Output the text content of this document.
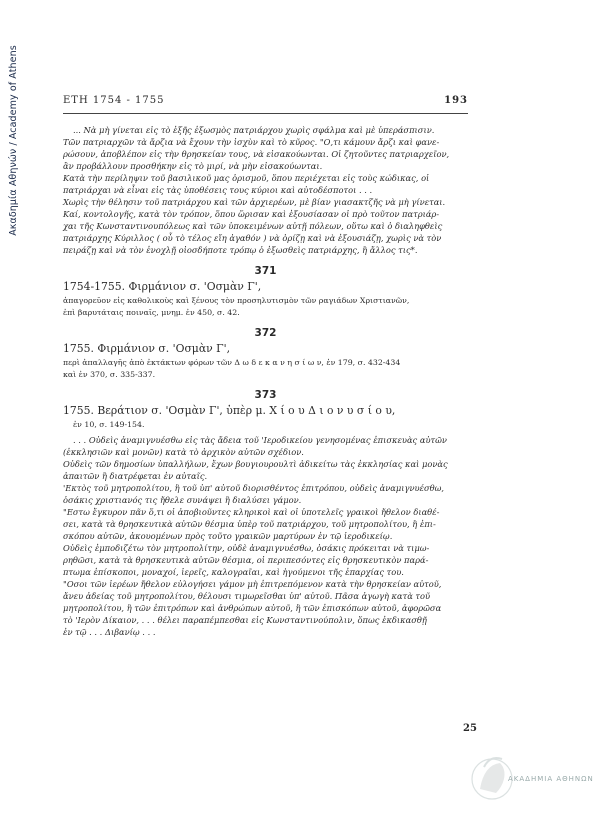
Ακαδημία Αθηνών / Academy of Athens	ΕΤΗ 1754 - 1755	193

... Νὰ μὴ γίνεται εἰς τὸ ἑξῆς ἐξωσμὸς πατριάρχου χωρὶς σφάλμα καὶ μὲ ὑπεράσπισιν.

Τῶν πατριαρχῶν τὰ ἄρζια νὰ ἔχουν τὴν ἰσχὺν καὶ τὸ κῦρος. "Ο,τι κάμουν ἄρζι καὶ φανε-

ρώσουν, ἀποβλέπον εἰς τὴν θρησκείαν τους, νὰ εἰσακούωνται. Οἱ ζητοῦντες πατριαρχεῖον,

ἂν προβάλλουν προσθήκην εἰς τὸ μιρί, νὰ μὴν εἰσακούωνται.

Κατὰ τὴν περίληψιν τοῦ βασιλικοῦ μας ὁρισμοῦ, ὅπου περιέχεται εἰς τοὺς κώδικας, οἱ

πατριάρχαι νὰ εἶναι εἰς τὰς ὑποθέσεις τους κύριοι καὶ αὐτοδέσποτοι . . .

Χωρὶς τὴν θέλησιν τοῦ πατριάρχου καὶ τῶν ἀρχιερέων, μὲ βίαν γιασακτζῆς νὰ μὴ γίνεται.

Καί, κοντολογῆς, κατὰ τὸν τρόπον, ὅπου ὥρισαν καὶ ἐξουσίασαν οἱ πρὸ τοῦτον πατριάρ-

χαι τῆς Κωνσταντινουπόλεως καὶ τῶν ὑποκειμένων αὐτῇ πόλεων, οὕτω καὶ ὁ διαληφθεὶς

πατριάρχης Κύριλλος ( οὗ τὸ τέλος εἴη ἀγαθόν ) νὰ ὁρίζῃ καὶ νὰ ἐξουσιάζῃ, χωρὶς νὰ τὸν

πειράζῃ καὶ νὰ τὸν ἐνοχλῇ οἱοσδήποτε τρόπῳ ὁ ἐξωσθεὶς πατριάρχης, ἢ ἄλλος τις*.

371
1754-1755. Φιρμάνιον σ. 'Οσμὰν Γ',

ἀπαγορεῦον εἰς καθολικοὺς καὶ ξένους τὸν προσηλυτισμὸν τῶν ραγιάδων Χριστιανῶν,

ἐπὶ βαρυτάταις ποιναῖς, μνημ. ἐν 450, σ. 42.

372
1755. Φιρμάνιον σ. 'Οσμὰν Γ',

περὶ ἀπαλλαγῆς ἀπὸ ἐκτάκτων φόρων τῶν Δ ω δ ε κ α ν η σ ί ω ν, ἐν 179, σ. 432-434

καὶ ἐν 370, σ. 335-337.

373
1755. Βεράτιον σ. 'Οσμὰν Γ', ὑπὲρ μ. Χ ί ο υ Δ ι ο ν υ σ ί ο υ,

ἐν 10, σ. 149-154.

. . . Οὐδεὶς ἀναμιγνυέσθω εἰς τὰς ἄδεια τοῦ 'Ιεροδικείου γενησομένας ἐπισκευὰς αὐτῶν

(ἐκκλησιῶν καὶ μονῶν) κατὰ τὸ ἀρχικὸν αὐτῶν σχέδιον.

Οὐδεὶς τῶν δημοσίων ὑπαλλήλων, ἔχων βουγιουρουλτὶ ἀδικείτω τὰς ἐκκλησίας καὶ μονὰς

ἀπαιτῶν ἢ διατρέφεται ἐν αὐταῖς.

'Εκτὸς τοῦ μητροπολίτου, ἢ τοῦ ὑπ' αὐτοῦ διορισθέντος ἐπιτρόπου, οὐδεὶς ἀναμιγνυέσθω,

ὁσάκις χριστιανός τις ἤθελε συνάψει ἢ διαλύσει γάμον.

"Εστω ἔγκυρον πᾶν ὅ,τι οἱ ἀποβιοῦντες κληρικοὶ καὶ οἱ ὑποτελεῖς γραικοὶ ἤθελον διαθέ-

σει, κατὰ τὰ θρησκευτικὰ αὐτῶν θέσμια ὑπὲρ τοῦ πατριάρχου, τοῦ μητροπολίτου, ἢ ἐπι-

σκόπου αὐτῶν, ἀκουομένων πρὸς τοῦτο γραικῶν μαρτύρων ἐν τῷ ἱεροδικείῳ.

Οὐδεὶς ἐμποδιζέτω τὸν μητροπολίτην, οὐδὲ ἀναμιγνυέσθω, ὁσάκις πρόκειται νὰ τιμω-

ρηθῶσι, κατὰ τὰ θρησκευτικὰ αὐτῶν θέσμια, οἱ περιπεσόντες εἰς θρησκευτικὸν παρά-

πτωμα ἐπίσκοποι, μοναχοί, ἱερεῖς, καλογραῖαι, καὶ ἡγούμενοι τῆς ἐπαρχίας του.

"Οσοι τῶν ἱερέων ἤθελον εὐλογήσει γάμον μὴ ἐπιτρεπόμενον κατὰ τὴν θρησκείαν αὐτοῦ,

ἄνευ ἀδείας τοῦ μητροπολίτου, θέλουσι τιμωρεῖσθαι ὑπ' αὐτοῦ. Πᾶσα ἀγωγὴ κατὰ τοῦ

μητροπολίτου, ἢ τῶν ἐπιτρόπων καὶ ἀνθρώπων αὐτοῦ, ἢ τῶν ἐπισκόπων αὐτοῦ, ἀφορῶσα

τὸ 'Ιερὸν Δίκαιον, . . . θέλει παραπέμπεσθαι εἰς Κωνσταντινούπολιν, ὅπως ἐκδικασθῇ

ἐν τῷ . . . Διβανίῳ . . .

25
ΑΚΑΔΗΜΙΑ ΑΘΗΝΩΝ
